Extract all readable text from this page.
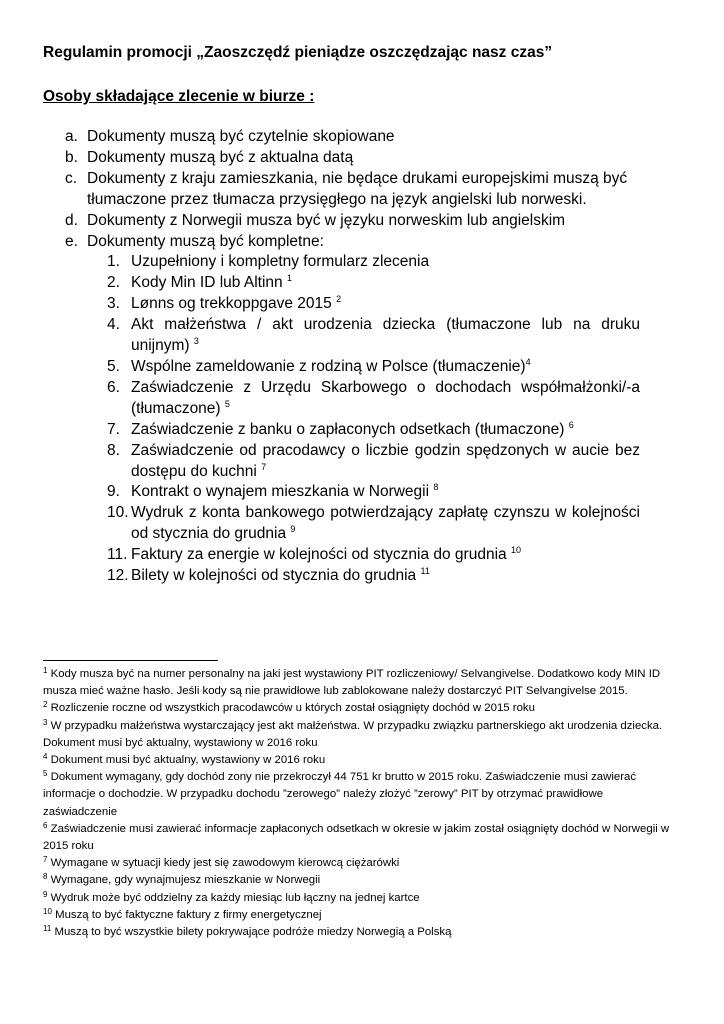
Regulamin promocji „Zaoszczędź pieniądze oszczędzając nasz czas”
Osoby składające zlecenie w biurze :
a. Dokumenty muszą być czytelnie skopiowane
b. Dokumenty muszą być z aktualna datą
c. Dokumenty z kraju zamieszkania, nie będące drukami europejskimi muszą być tłumaczone przez tłumacza przysięgłego na język angielski lub norweski.
d. Dokumenty z Norwegii musza być w języku norweskim lub angielskim
e. Dokumenty muszą być kompletne:
1. Uzupełniony i kompletny formularz zlecenia
2. Kody Min ID lub Altinn $^1$
3. Lønns og trekkoppgave 2015 $^2$
4. Akt małżeństwa / akt urodzenia dziecka (tłumaczone lub na druku unijnym) $^3$
5. Wspólne zameldowanie z rodziną w Polsce (tłumaczenie)$^4$
6. Zaświadczenie z Urzędu Skarbowego o dochodach współmałżonki/-a (tłumaczone) $^5$
7. Zaświadczenie z banku o zapłaconych odsetkach (tłumaczone) $^6$
8. Zaświadczenie od pracodawcy o liczbie godzin spędzonych w aucie bez dostępu do kuchni $^7$
9. Kontrakt o wynajem mieszkania w Norwegii $^8$
10. Wydruk z konta bankowego potwierdzający zapłatę czynszu w kolejności od stycznia do grudnia $^9$
11. Faktury za energie w kolejności od stycznia do grudnia $^{10}$
12. Bilety w kolejności od stycznia do grudnia $^{11}$

$^1$ Kody musza być na numer personalny na jaki jest wystawiony PIT rozliczeniowy/ Selvangivelse. Dodatkowo kody MIN ID musza mieć ważne hasło. Jeśli kody są nie prawidłowe lub zablokowane należy dostarczyć PIT Selvangivelse 2015.

$^2$ Rozliczenie roczne od wszystkich pracodawców u których został osiągnięty dochód w 2015 roku

$^3$ W przypadku małżeństwa wystarczający jest akt małżeństwa. W przypadku związku partnerskiego akt urodzenia dziecka. Dokument musi być aktualny, wystawiony w 2016 roku

$^4$ Dokument musi być aktualny, wystawiony w 2016 roku

$^5$ Dokument wymagany, gdy dochód zony nie przekroczył 44 751 kr brutto w 2015 roku. Zaświadczenie musi zawierać informacje o dochodzie. W przypadku dochodu ”zerowego” należy złożyć ”zerowy” PIT by otrzymać prawidłowe zaświadczenie

$^6$ Zaświadczenie musi zawierać informacje zapłaconych odsetkach w okresie w jakim został osiągnięty dochód w Norwegii w 2015 roku

$^7$ Wymagane w sytuacji kiedy jest się zawodowym kierowcą ciężarówki

$^8$ Wymagane, gdy wynajmujesz mieszkanie w Norwegii

$^9$ Wydruk może być oddzielny za każdy miesiąc lub łączny na jednej kartce

$^{10}$ Muszą to być faktyczne faktury z firmy energetycznej

$^{11}$ Muszą to być wszystkie bilety pokrywające podróże miedzy Norwegią a Polską
